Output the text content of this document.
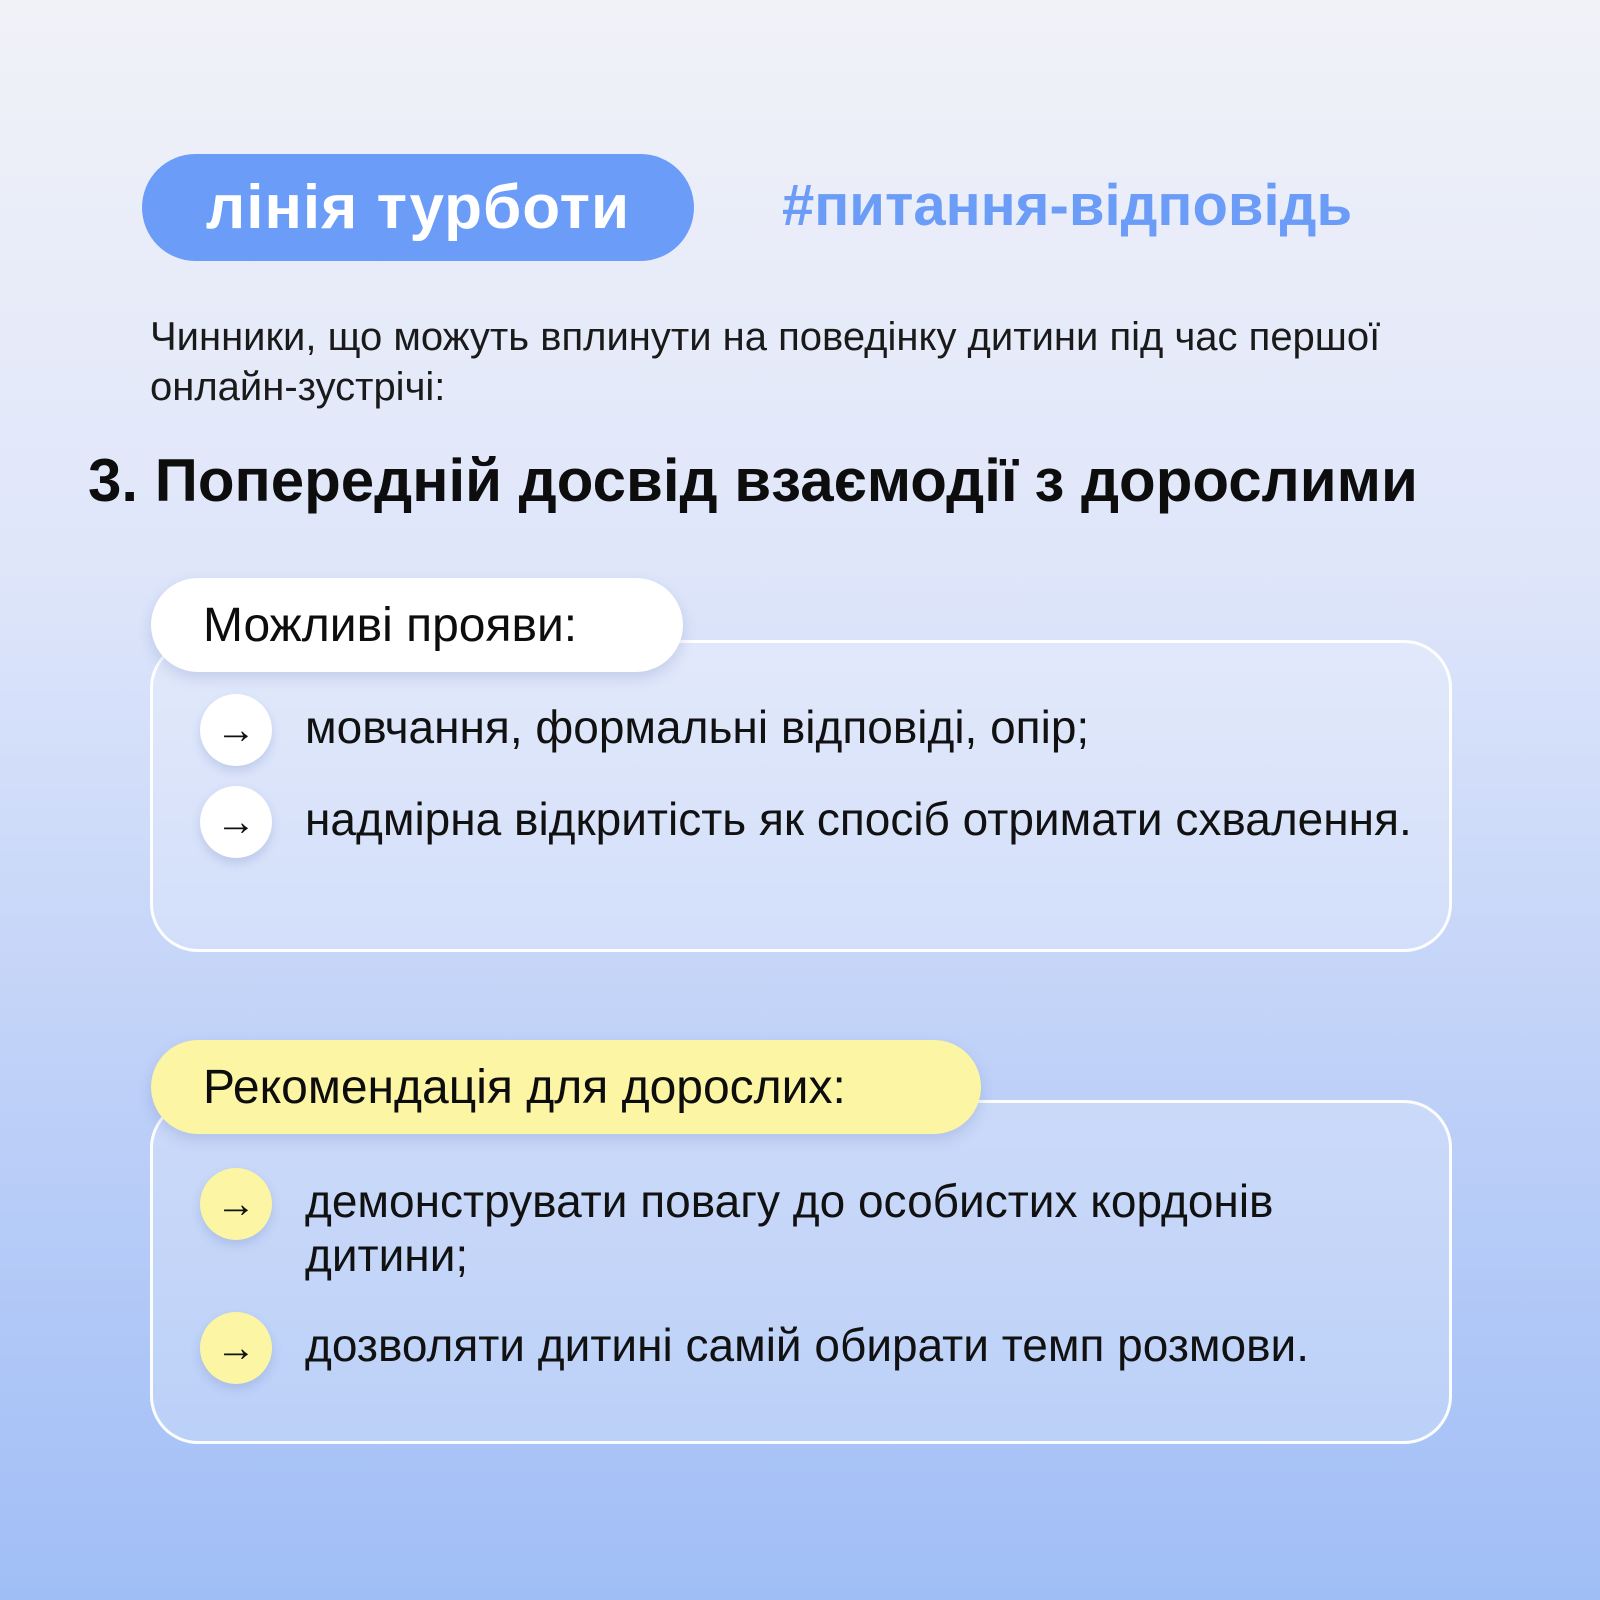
лінія турботи	#питання-відповідь
Чинники, що можуть вплинути на поведінку дитини під час першої онлайн-зустрічі:
3. Попередній досвід взаємодії з дорослими
Можливі прояви:
→	мовчання, формальні відповіді, опір;
→	надмірна відкритість як спосіб отримати схвалення.
Рекомендація для дорослих:
→	демонструвати повагу до особистих кордонів дитини;
→	дозволяти дитині самій обирати темп розмови.
